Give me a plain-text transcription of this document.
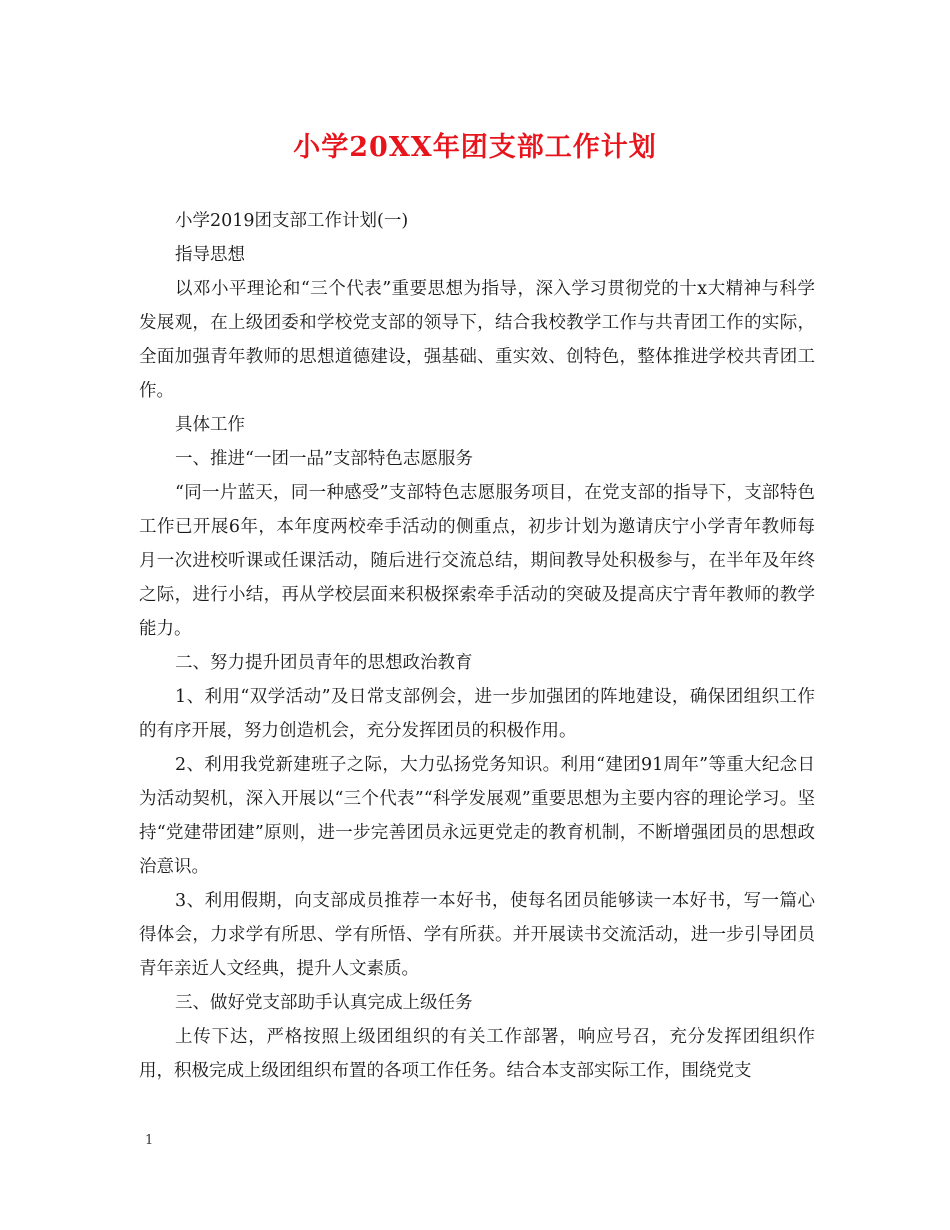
小学20XX年团支部工作计划

小学2019团支部工作计划(一)

指导思想

以邓小平理论和“三个代表”重要思想为指导，深入学习贯彻党的十x大精神与科学发展观，在上级团委和学校党支部的领导下，结合我校教学工作与共青团工作的实际，全面加强青年教师的思想道德建设，强基础、重实效、创特色，整体推进学校共青团工作。

具体工作

一、推进“一团一品”支部特色志愿服务

“同一片蓝天，同一种感受”支部特色志愿服务项目，在党支部的指导下，支部特色工作已开展6年，本年度两校牵手活动的侧重点，初步计划为邀请庆宁小学青年教师每月一次进校听课或任课活动，随后进行交流总结，期间教导处积极参与，在半年及年终之际，进行小结，再从学校层面来积极探索牵手活动的突破及提高庆宁青年教师的教学能力。

二、努力提升团员青年的思想政治教育

1、利用“双学活动”及日常支部例会，进一步加强团的阵地建设，确保团组织工作的有序开展，努力创造机会，充分发挥团员的积极作用。

2、利用我党新建班子之际，大力弘扬党务知识。利用“建团91周年”等重大纪念日为活动契机，深入开展以“三个代表”“科学发展观”重要思想为主要内容的理论学习。坚持“党建带团建”原则，进一步完善团员永远更党走的教育机制，不断增强团员的思想政治意识。

3、利用假期，向支部成员推荐一本好书，使每名团员能够读一本好书，写一篇心得体会，力求学有所思、学有所悟、学有所获。并开展读书交流活动，进一步引导团员青年亲近人文经典，提升人文素质。

三、做好党支部助手认真完成上级任务

上传下达，严格按照上级团组织的有关工作部署，响应号召，充分发挥团组织作用，积极完成上级团组织布置的各项工作任务。结合本支部实际工作，围绕党支

1
